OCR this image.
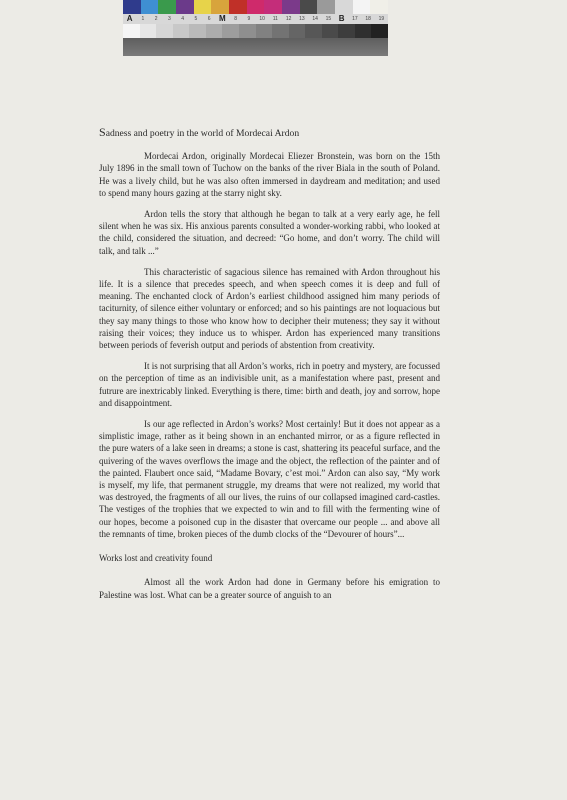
A	1	2	3	4	5	6	M	8	9	10	11	12	13	14	15 B	17	18	19
Sadness and poetry in the world of Mordecai Ardon

Mordecai Ardon, originally Mordecai Eliezer Bronstein, was born on the 15th July 1896 in the small town of Tuchow on the banks of the river Biala in the south of Poland. He was a lively child, but he was also often immersed in daydream and meditation; and used to spend many hours gazing at the starry night sky.

Ardon tells the story that although he began to talk at a very early age, he fell silent when he was six. His anxious parents consulted a wonder-working rabbi, who looked at the child, considered the situation, and decreed: “Go home, and don’t worry. The child will talk, and talk ...”

This characteristic of sagacious silence has remained with Ardon throughout his life. It is a silence that precedes speech, and when speech comes it is deep and full of meaning. The enchanted clock of Ardon’s earliest childhood assigned him many periods of taciturnity, of silence either voluntary or enforced; and so his paintings are not loquacious but they say many things to those who know how to decipher their muteness; they say it without raising their voices; they induce us to whisper. Ardon has experienced many transitions between periods of feverish output and periods of abstention from creativity.

It is not surprising that all Ardon’s works, rich in poetry and mystery, are focussed on the perception of time as an indivisible unit, as a manifestation where past, present and futrure are inextricably linked. Everything is there, time: birth and death, joy and sorrow, hope and disappointment.

Is our age reflected in Ardon’s works? Most certainly! But it does not appear as a simplistic image, rather as it being shown in an enchanted mirror, or as a figure reflected in the pure waters of a lake seen in dreams; a stone is cast, shattering its peaceful surface, and the quivering of the waves overflows the image and the object, the reflection of the painter and of the painted. Flaubert once said, “Madame Bovary, c’est moi.” Ardon can also say, “My work is myself, my life, that permanent struggle, my dreams that were not realized, my world that was destroyed, the fragments of all our lives, the ruins of our collapsed imagined card-castles. The vestiges of the trophies that we expected to win and to fill with the fermenting wine of our hopes, become a poisoned cup in the disaster that overcame our people ... and above all the remnants of time, broken pieces of the dumb clocks of the “Devourer of hours”...

Works lost and creativity found

Almost all the work Ardon had done in Germany before his emigration to Palestine was lost. What can be a greater source of anguish to an
